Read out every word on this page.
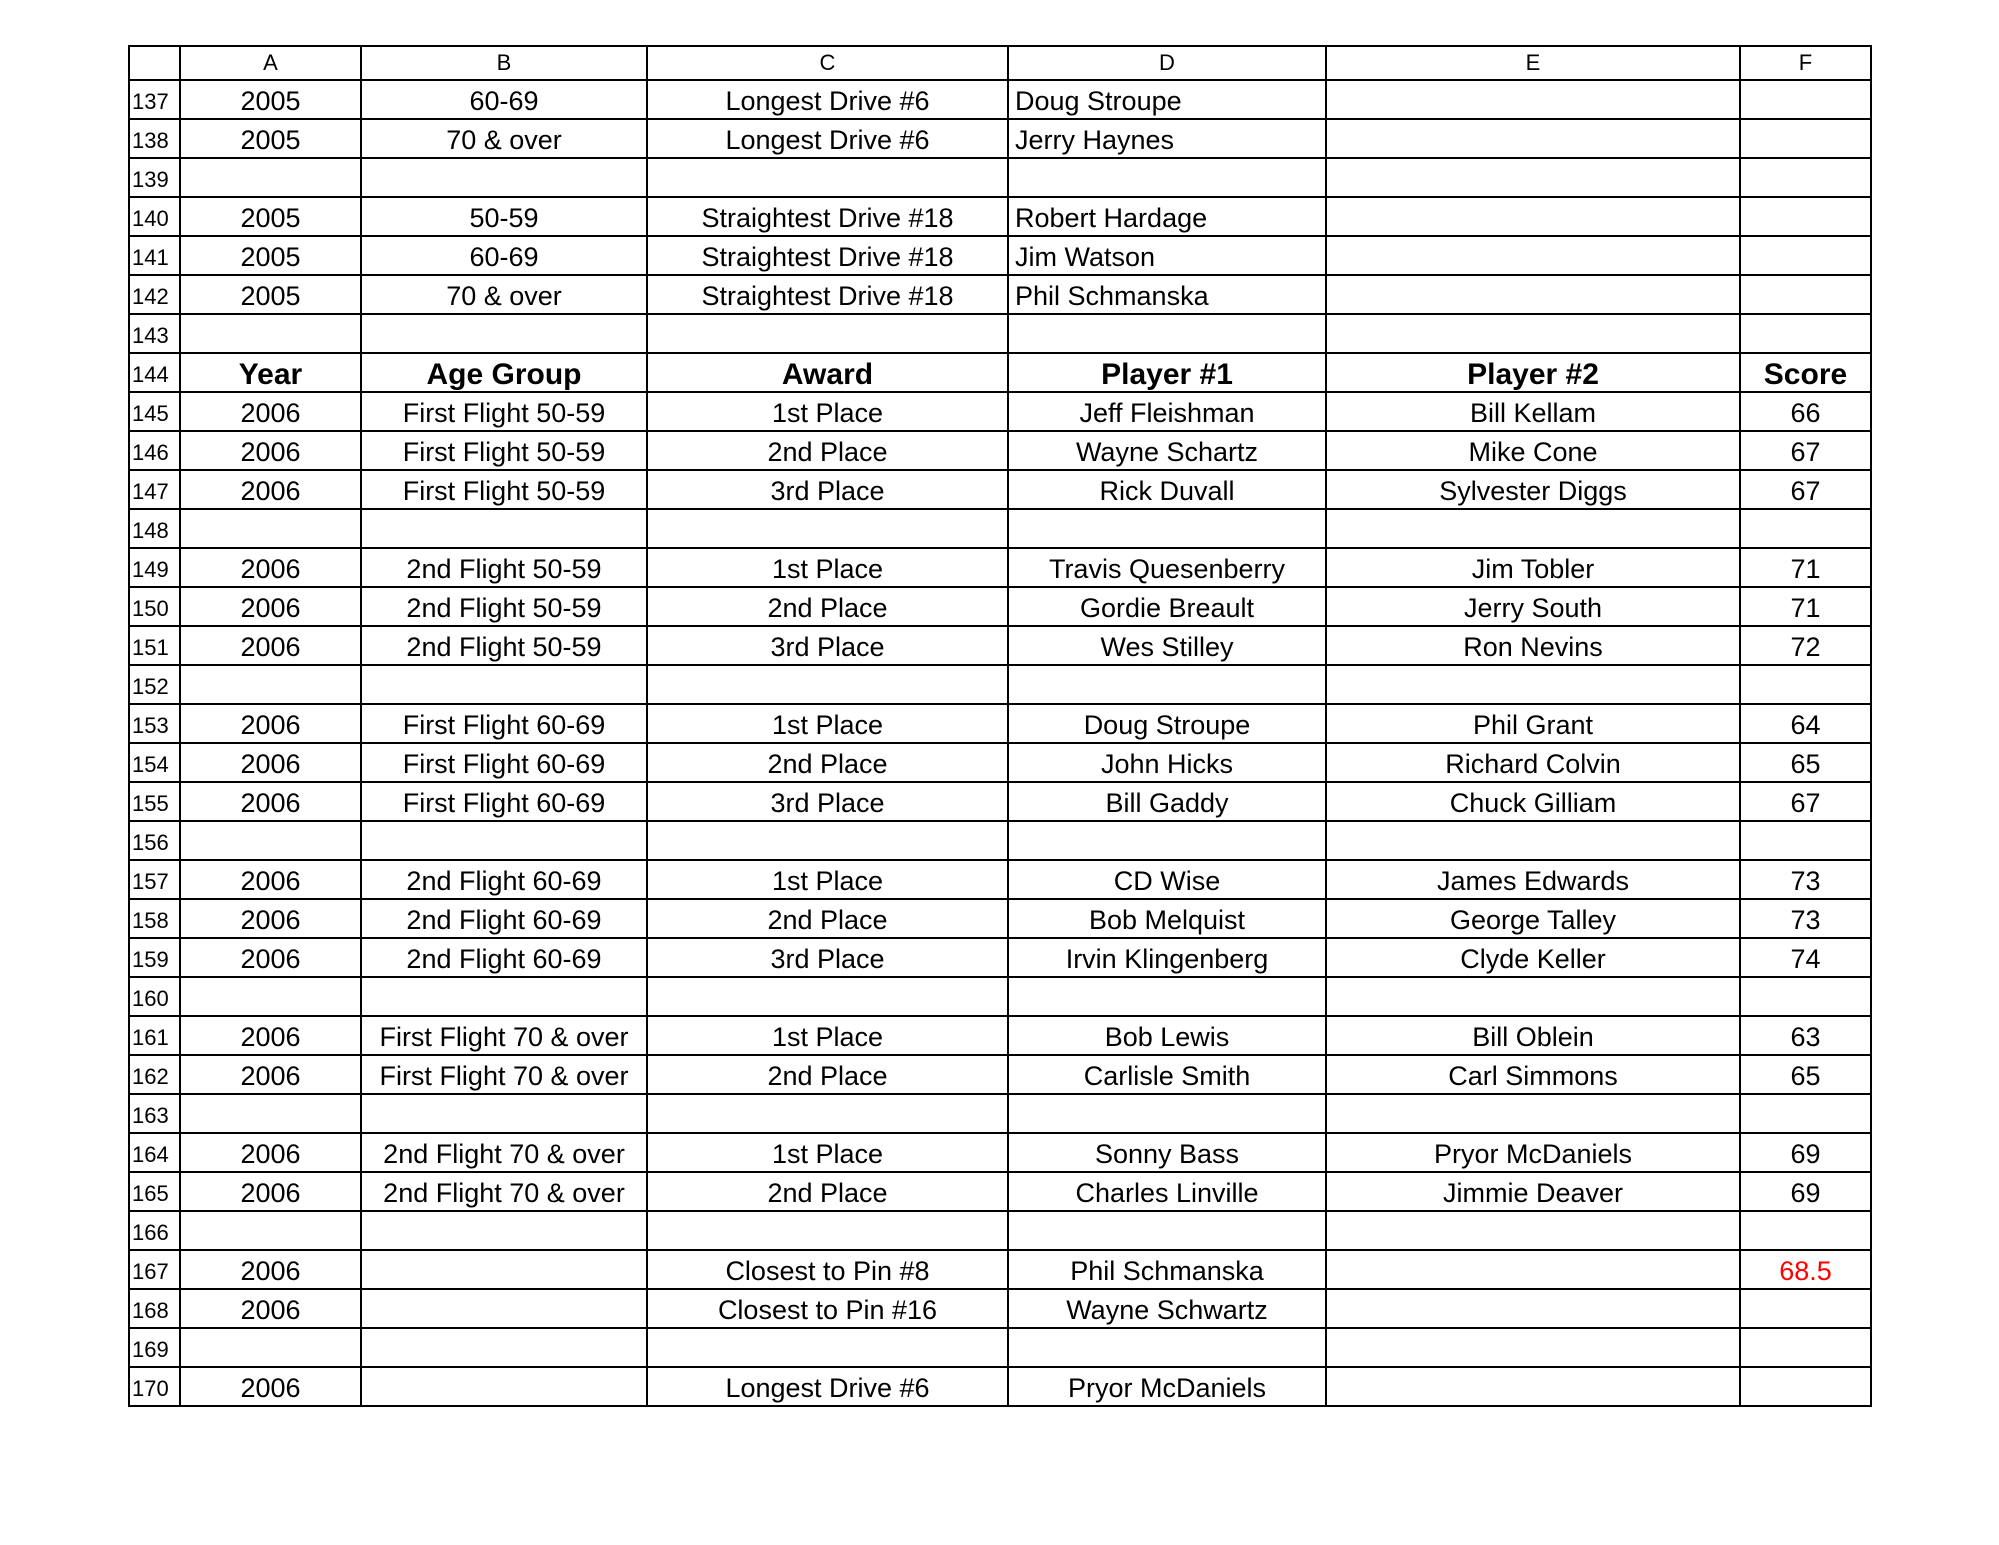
	A	B	C	D	E	F
137	2005	60-69	Longest Drive #6	Doug Stroupe		
138	2005	70 & over	Longest Drive #6	Jerry Haynes		
139						
140	2005	50-59	Straightest Drive #18	Robert Hardage		
141	2005	60-69	Straightest Drive #18	Jim Watson		
142	2005	70 & over	Straightest Drive #18	Phil Schmanska		
143						
144	Year	Age Group	Award	Player #1	Player #2	Score
145	2006	First Flight 50-59	1st Place	Jeff Fleishman	Bill Kellam	66
146	2006	First Flight 50-59	2nd Place	Wayne Schartz	Mike Cone	67
147	2006	First Flight 50-59	3rd Place	Rick Duvall	Sylvester Diggs	67
148						
149	2006	2nd Flight 50-59	1st Place	Travis Quesenberry	Jim Tobler	71
150	2006	2nd Flight 50-59	2nd Place	Gordie Breault	Jerry South	71
151	2006	2nd Flight 50-59	3rd Place	Wes Stilley	Ron Nevins	72
152						
153	2006	First Flight 60-69	1st Place	Doug Stroupe	Phil Grant	64
154	2006	First Flight 60-69	2nd Place	John Hicks	Richard Colvin	65
155	2006	First Flight 60-69	3rd Place	Bill Gaddy	Chuck Gilliam	67
156						
157	2006	2nd Flight 60-69	1st Place	CD Wise	James Edwards	73
158	2006	2nd Flight 60-69	2nd Place	Bob Melquist	George Talley	73
159	2006	2nd Flight 60-69	3rd Place	Irvin Klingenberg	Clyde Keller	74
160						
161	2006	First Flight 70 & over	1st Place	Bob Lewis	Bill Oblein	63
162	2006	First Flight 70 & over	2nd Place	Carlisle Smith	Carl Simmons	65
163						
164	2006	2nd Flight 70 & over	1st Place	Sonny Bass	Pryor McDaniels	69
165	2006	2nd Flight 70 & over	2nd Place	Charles Linville	Jimmie Deaver	69
166						
167	2006		Closest to Pin #8	Phil Schmanska		68.5
168	2006		Closest to Pin #16	Wayne Schwartz		
169						
170	2006		Longest Drive #6	Pryor McDaniels		
